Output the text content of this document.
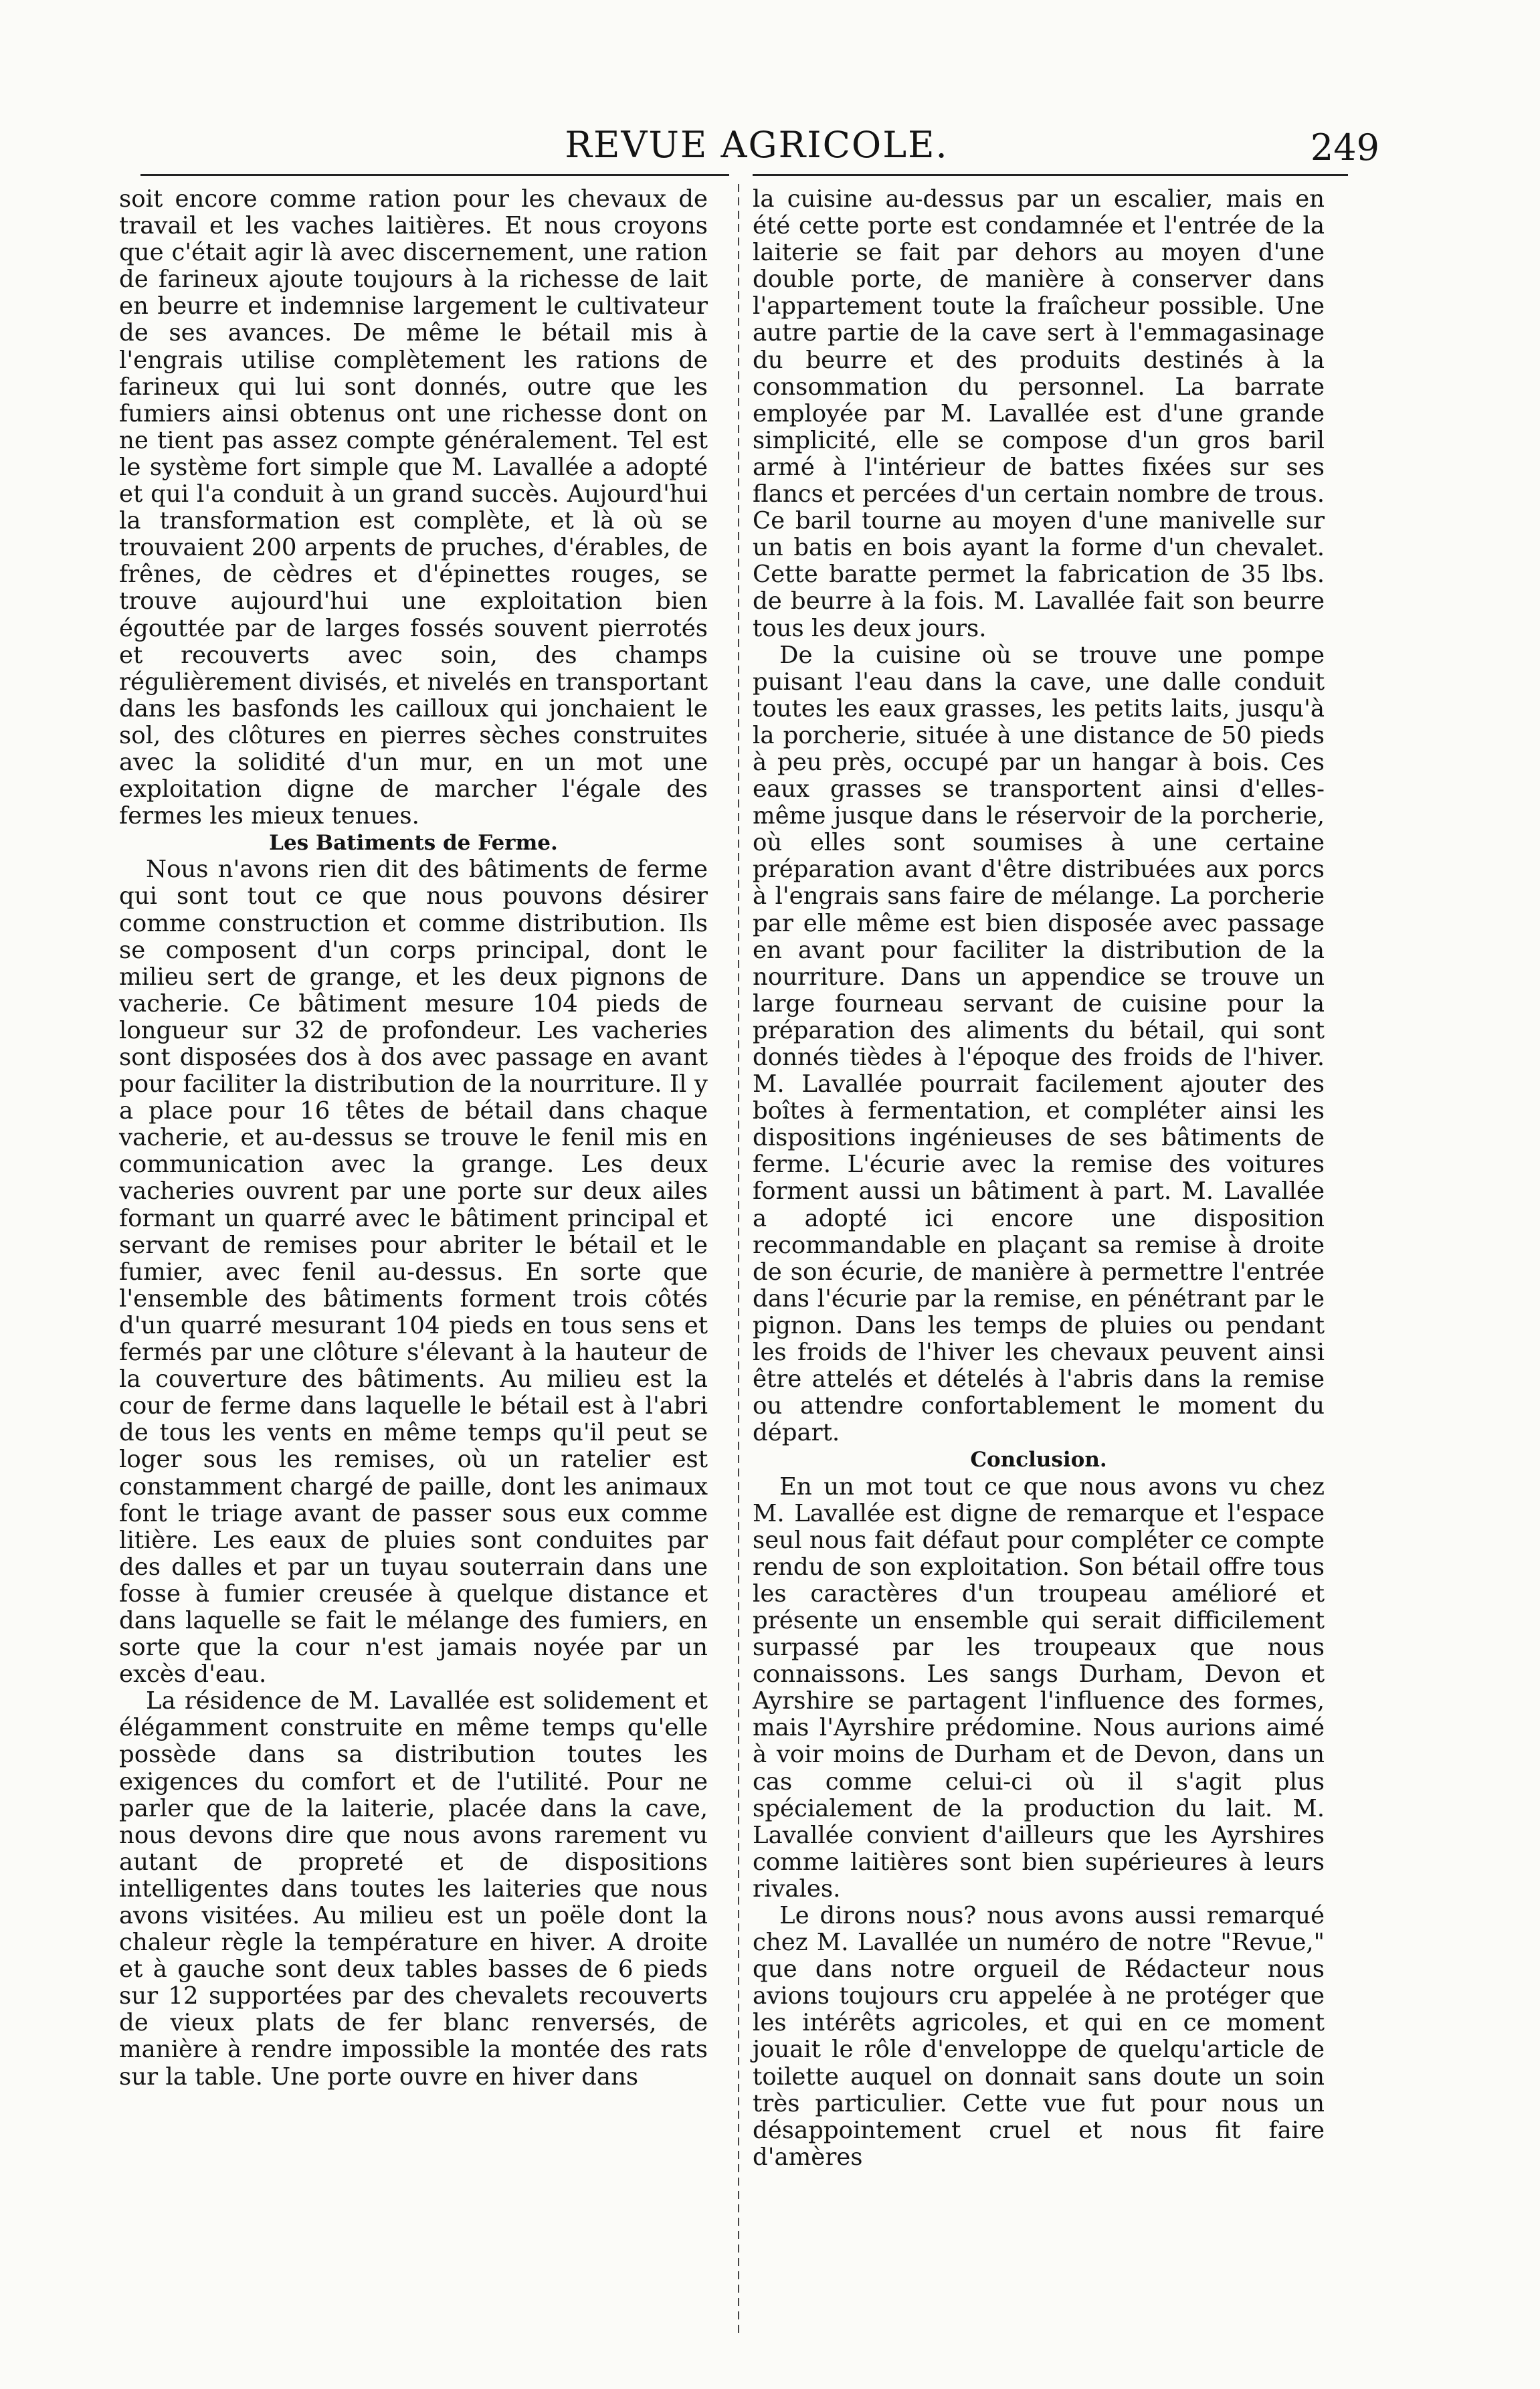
REVUE AGRICOLE.	249

soit encore comme ration pour les chevaux de travail et les vaches laitières. Et nous croyons que c'était agir là avec discernement, une ration de farineux ajoute toujours à la richesse de lait en beurre et indemnise largement le cultivateur de ses avances. De même le bétail mis à l'engrais utilise complètement les rations de farineux qui lui sont donnés, outre que les fumiers ainsi obtenus ont une richesse dont on ne tient pas assez compte généralement. Tel est le système fort simple que M. Lavallée a adopté et qui l'a conduit à un grand succès. Aujourd'hui la transformation est complète, et là où se trouvaient 200 arpents de pruches, d'érables, de frênes, de cèdres et d'épinettes rouges, se trouve aujourd'hui une exploitation bien égouttée par de larges fossés souvent pierrotés et recouverts avec soin, des champs régulièrement divisés, et nivelés en transportant dans les basfonds les cailloux qui jonchaient le sol, des clôtures en pierres sèches construites avec la solidité d'un mur, en un mot une exploitation digne de marcher l'égale des fermes les mieux tenues.

Les Batiments de Ferme.

Nous n'avons rien dit des bâtiments de ferme qui sont tout ce que nous pouvons désirer comme construction et comme distribution. Ils se composent d'un corps principal, dont le milieu sert de grange, et les deux pignons de vacherie. Ce bâtiment mesure 104 pieds de longueur sur 32 de profondeur. Les vacheries sont disposées dos à dos avec passage en avant pour faciliter la distribution de la nourriture. Il y a place pour 16 têtes de bétail dans chaque vacherie, et au-dessus se trouve le fenil mis en communication avec la grange. Les deux vacheries ouvrent par une porte sur deux ailes formant un quarré avec le bâtiment principal et servant de remises pour abriter le bétail et le fumier, avec fenil au-dessus. En sorte que l'ensemble des bâtiments forment trois côtés d'un quarré mesurant 104 pieds en tous sens et fermés par une clôture s'élevant à la hauteur de la couverture des bâtiments. Au milieu est la cour de ferme dans laquelle le bétail est à l'abri de tous les vents en même temps qu'il peut se loger sous les remises, où un ratelier est constamment chargé de paille, dont les animaux font le triage avant de passer sous eux comme litière. Les eaux de pluies sont conduites par des dalles et par un tuyau souterrain dans une fosse à fumier creusée à quelque distance et dans laquelle se fait le mélange des fumiers, en sorte que la cour n'est jamais noyée par un excès d'eau.

La résidence de M. Lavallée est solidement et élégamment construite en même temps qu'elle possède dans sa distribution toutes les exigences du comfort et de l'utilité. Pour ne parler que de la laiterie, placée dans la cave, nous devons dire que nous avons rarement vu autant de propreté et de dispositions intelligentes dans toutes les laiteries que nous avons visitées. Au milieu est un poële dont la chaleur règle la température en hiver. A droite et à gauche sont deux tables basses de 6 pieds sur 12 supportées par des chevalets recouverts de vieux plats de fer blanc renversés, de manière à rendre impossible la montée des rats sur la table. Une porte ouvre en hiver dans

la cuisine au-dessus par un escalier, mais en été cette porte est condamnée et l'entrée de la laiterie se fait par dehors au moyen d'une double porte, de manière à conserver dans l'appartement toute la fraîcheur possible. Une autre partie de la cave sert à l'emmagasinage du beurre et des produits destinés à la consommation du personnel. La barrate employée par M. Lavallée est d'une grande simplicité, elle se compose d'un gros baril armé à l'intérieur de battes fixées sur ses flancs et percées d'un certain nombre de trous. Ce baril tourne au moyen d'une manivelle sur un batis en bois ayant la forme d'un chevalet. Cette baratte permet la fabrication de 35 lbs. de beurre à la fois. M. Lavallée fait son beurre tous les deux jours.

De la cuisine où se trouve une pompe puisant l'eau dans la cave, une dalle conduit toutes les eaux grasses, les petits laits, jusqu'à la porcherie, située à une distance de 50 pieds à peu près, occupé par un hangar à bois. Ces eaux grasses se transportent ainsi d'elles-même jusque dans le réservoir de la porcherie, où elles sont soumises à une certaine préparation avant d'être distribuées aux porcs à l'engrais sans faire de mélange. La porcherie par elle même est bien disposée avec passage en avant pour faciliter la distribution de la nourriture. Dans un appendice se trouve un large fourneau servant de cuisine pour la préparation des aliments du bétail, qui sont donnés tièdes à l'époque des froids de l'hiver. M. Lavallée pourrait facilement ajouter des boîtes à fermentation, et compléter ainsi les dispositions ingénieuses de ses bâtiments de ferme. L'écurie avec la remise des voitures forment aussi un bâtiment à part. M. Lavallée a adopté ici encore une disposition recommandable en plaçant sa remise à droite de son écurie, de manière à permettre l'entrée dans l'écurie par la remise, en pénétrant par le pignon. Dans les temps de pluies ou pendant les froids de l'hiver les chevaux peuvent ainsi être attelés et dételés à l'abris dans la remise ou attendre confortablement le moment du départ.

Conclusion.

En un mot tout ce que nous avons vu chez M. Lavallée est digne de remarque et l'espace seul nous fait défaut pour compléter ce compte rendu de son exploitation. Son bétail offre tous les caractères d'un troupeau amélioré et présente un ensemble qui serait difficilement surpassé par les troupeaux que nous connaissons. Les sangs Durham, Devon et Ayrshire se partagent l'influence des formes, mais l'Ayrshire prédomine. Nous aurions aimé à voir moins de Durham et de Devon, dans un cas comme celui-ci où il s'agit plus spécialement de la production du lait. M. Lavallée convient d'ailleurs que les Ayrshires comme laitières sont bien supérieures à leurs rivales.

Le dirons nous? nous avons aussi remarqué chez M. Lavallée un numéro de notre "Revue," que dans notre orgueil de Rédacteur nous avions toujours cru appelée à ne protéger que les intérêts agricoles, et qui en ce moment jouait le rôle d'enveloppe de quelqu'article de toilette auquel on donnait sans doute un soin très particulier. Cette vue fut pour nous un désappointement cruel et nous fit faire d'amères
